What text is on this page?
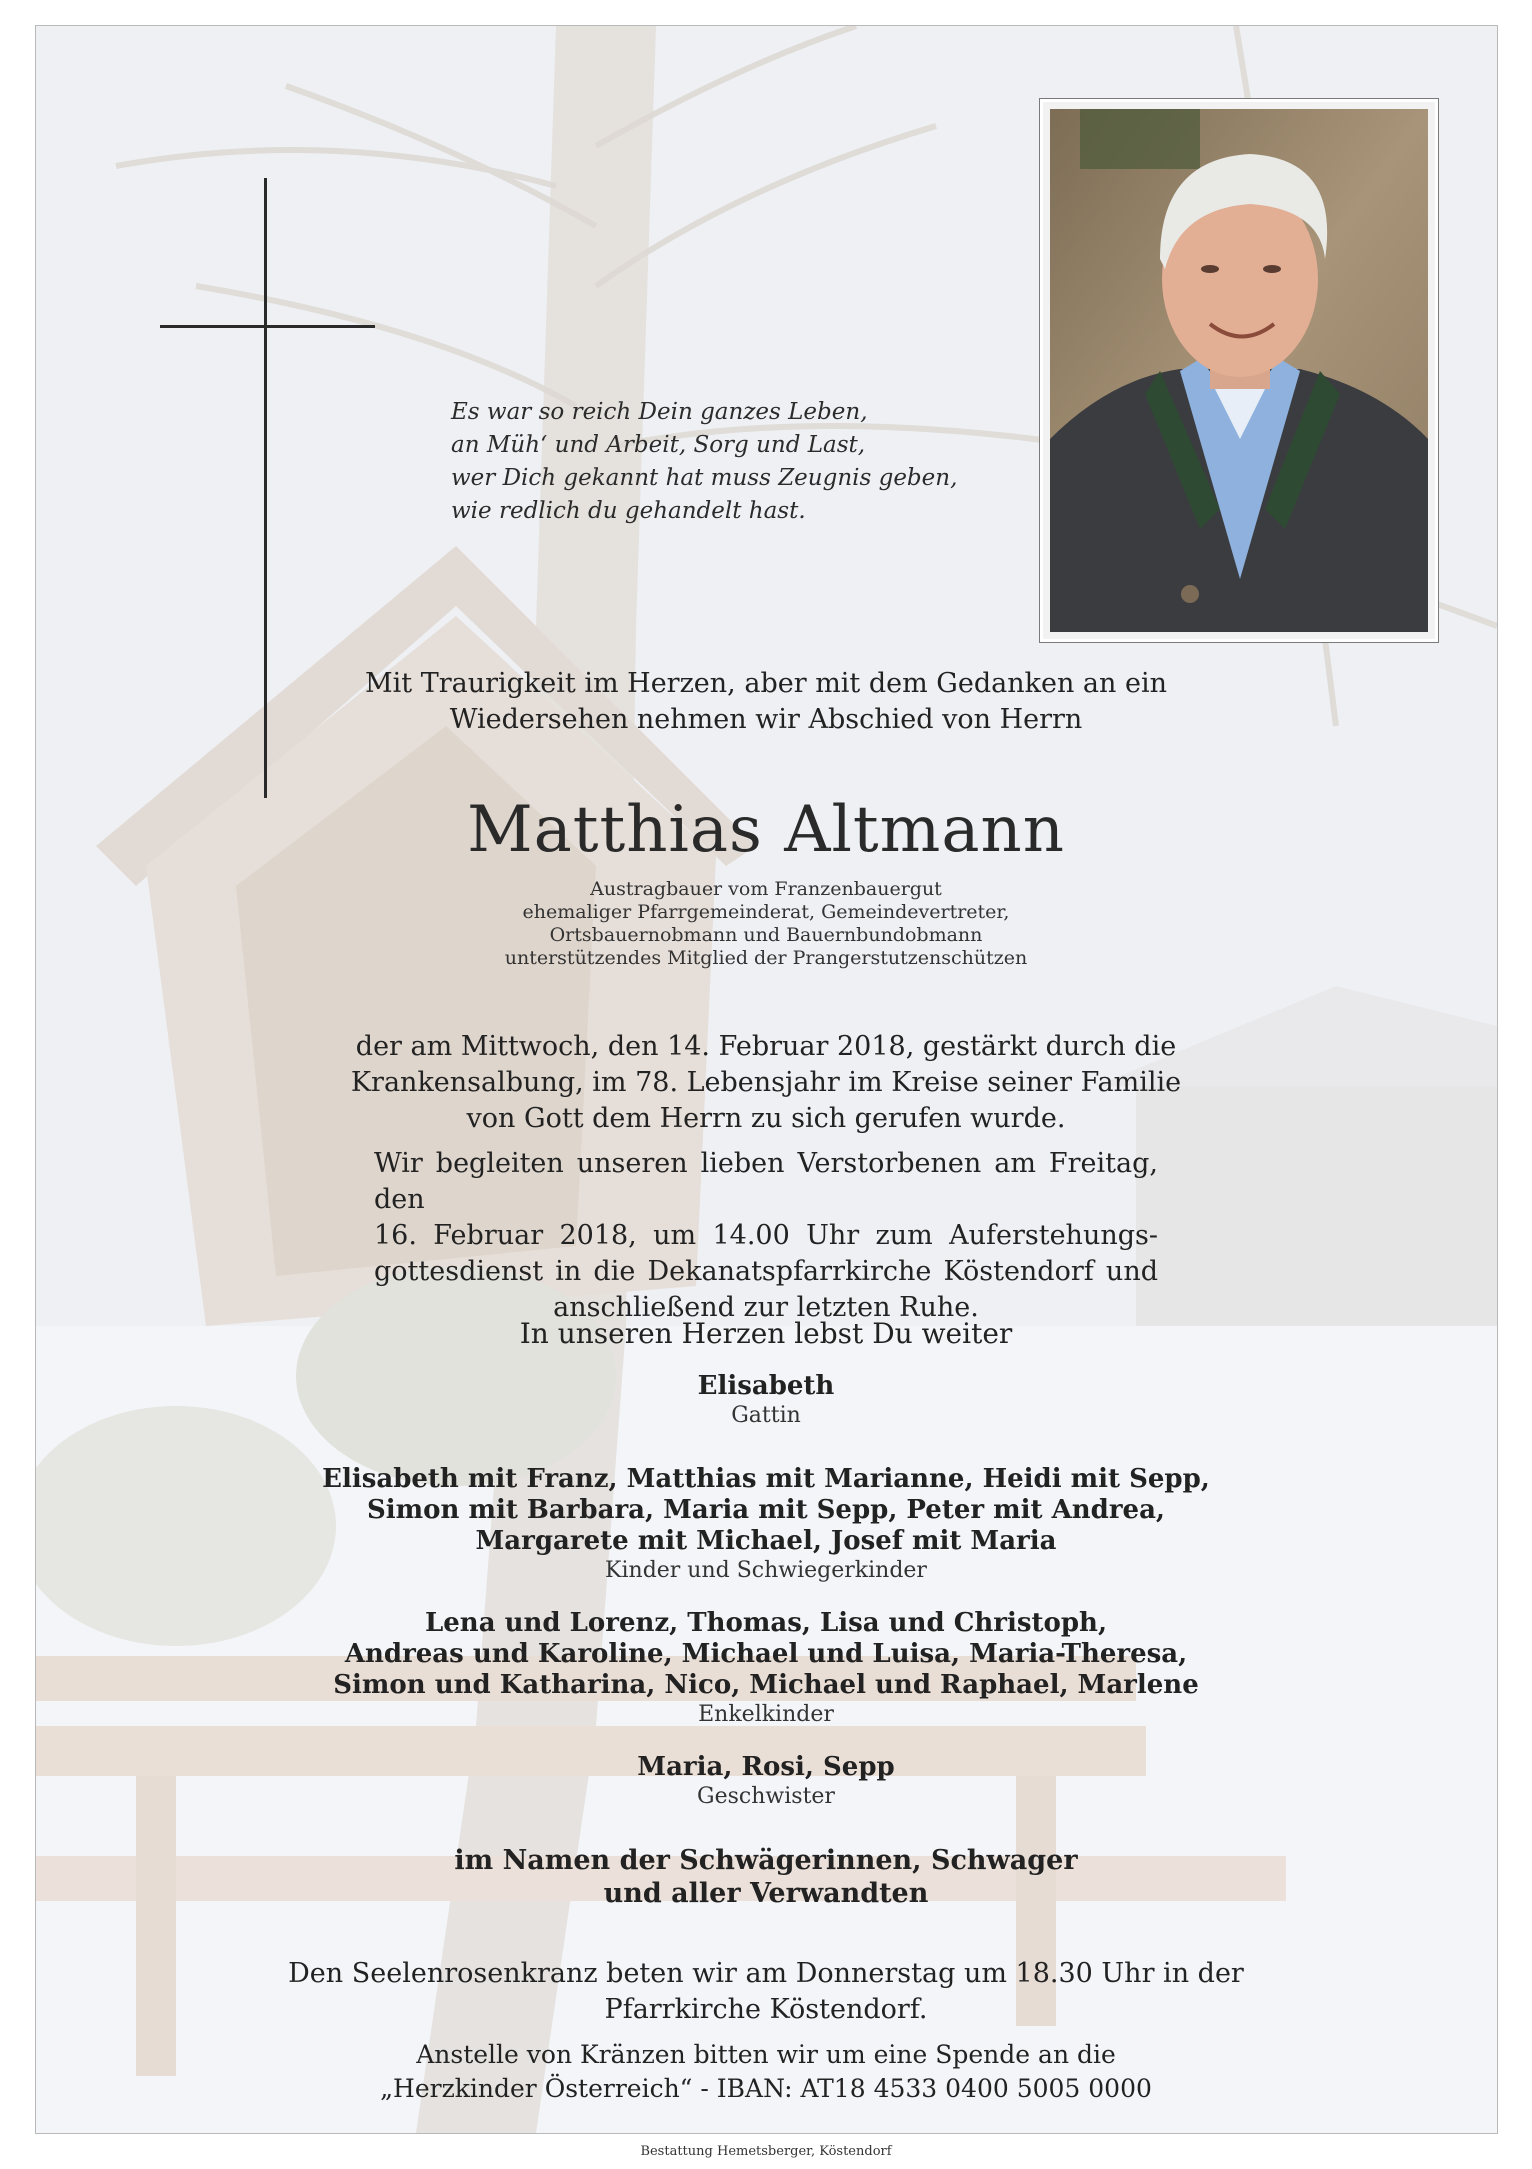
Es war so reich Dein ganzes Leben,
an Müh‘ und Arbeit, Sorg und Last,
wer Dich gekannt hat muss Zeugnis geben,
wie redlich du gehandelt hast.
Mit Traurigkeit im Herzen, aber mit dem Gedanken an ein
Wiedersehen nehmen wir Abschied von Herrn
Matthias Altmann
Austragbauer vom Franzenbauergut
ehemaliger Pfarrgemeinderat, Gemeindevertreter,
Ortsbauernobmann und Bauernbundobmann
unterstützendes Mitglied der Prangerstutzenschützen
der am Mittwoch, den 14. Februar 2018, gestärkt durch die
Krankensalbung, im 78. Lebensjahr im Kreise seiner Familie
von Gott dem Herrn zu sich gerufen wurde.
Wir begleiten unseren lieben Verstorbenen am Freitag, den
16. Februar 2018, um 14.00 Uhr zum Auferstehungs-
gottesdienst in die Dekanatspfarrkirche Köstendorf und
anschließend zur letzten Ruhe.
In unseren Herzen lebst Du weiter
Elisabeth
Gattin
Elisabeth mit Franz, Matthias mit Marianne, Heidi mit Sepp,
Simon mit Barbara, Maria mit Sepp, Peter mit Andrea,
Margarete mit Michael, Josef mit Maria
Kinder und Schwiegerkinder
Lena und Lorenz, Thomas, Lisa und Christoph,
Andreas und Karoline, Michael und Luisa, Maria-Theresa,
Simon und Katharina, Nico, Michael und Raphael, Marlene
Enkelkinder
Maria, Rosi, Sepp
Geschwister
im Namen der Schwägerinnen, Schwager
und aller Verwandten
Den Seelenrosenkranz beten wir am Donnerstag um 18.30 Uhr in der
Pfarrkirche Köstendorf.
Anstelle von Kränzen bitten wir um eine Spende an die
„Herzkinder Österreich“ - IBAN: AT18 4533 0400 5005 0000
Bestattung Hemetsberger, Köstendorf
